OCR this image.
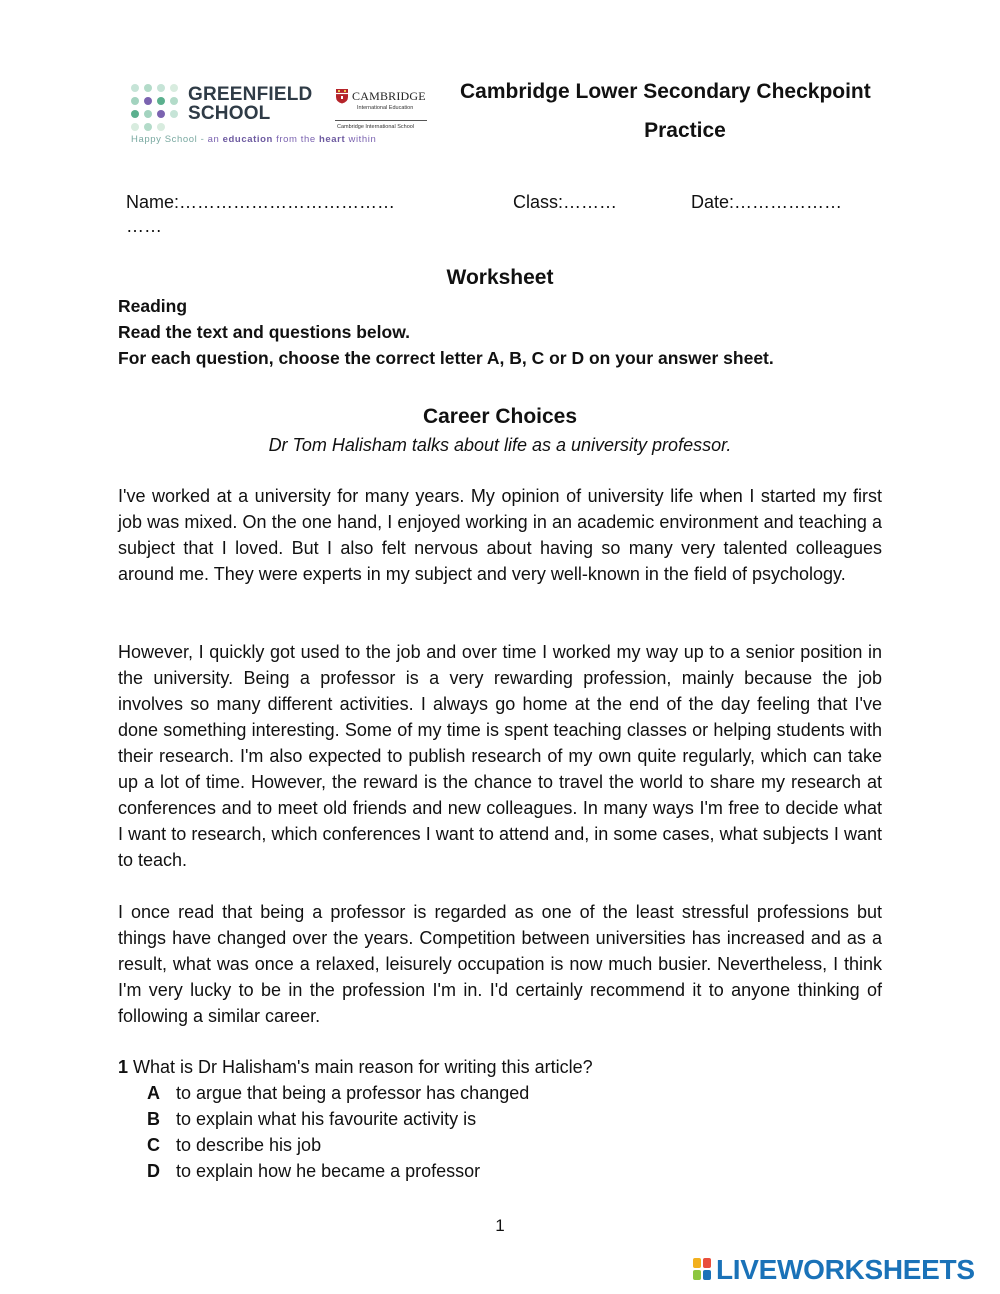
GREENFIELD
SCHOOL
Happy School - an education from the heart within
CAMBRIDGE
International Education
Cambridge International School
Cambridge Lower Secondary Checkpoint
Practice
Name:………………………………	Class:………	Date:………………
……
Worksheet
Reading
Read the text and questions below.
For each question, choose the correct letter A, B, C or D on your answer sheet.
Career Choices
Dr Tom Halisham talks about life as a university professor.

I've worked at a university for many years. My opinion of university life when I started my first job was mixed. On the one hand, I enjoyed working in an academic environment and teaching a subject that I loved. But I also felt nervous about having so many very talented colleagues around me. They were experts in my subject and very well-known in the field of psychology.

However, I quickly got used to the job and over time I worked my way up to a senior position in the university. Being a professor is a very rewarding profession, mainly because the job involves so many different activities. I always go home at the end of the day feeling that I've done something interesting. Some of my time is spent teaching classes or helping students with their research. I'm also expected to publish research of my own quite regularly, which can take up a lot of time. However, the reward is the chance to travel the world to share my research at conferences and to meet old friends and new colleagues. In many ways I'm free to decide what I want to research, which conferences I want to attend and, in some cases, what subjects I want to teach.

I once read that being a professor is regarded as one of the least stressful professions but things have changed over the years. Competition between universities has increased and as a result, what was once a relaxed, leisurely occupation is now much busier. Nevertheless, I think I'm very lucky to be in the profession I'm in. I'd certainly recommend it to anyone thinking of following a similar career.

1 What is Dr Halisham's main reason for writing this article?
A to argue that being a professor has changed
B to explain what his favourite activity is
C to describe his job
D to explain how he became a professor
1
LIVEWORKSHEETS
